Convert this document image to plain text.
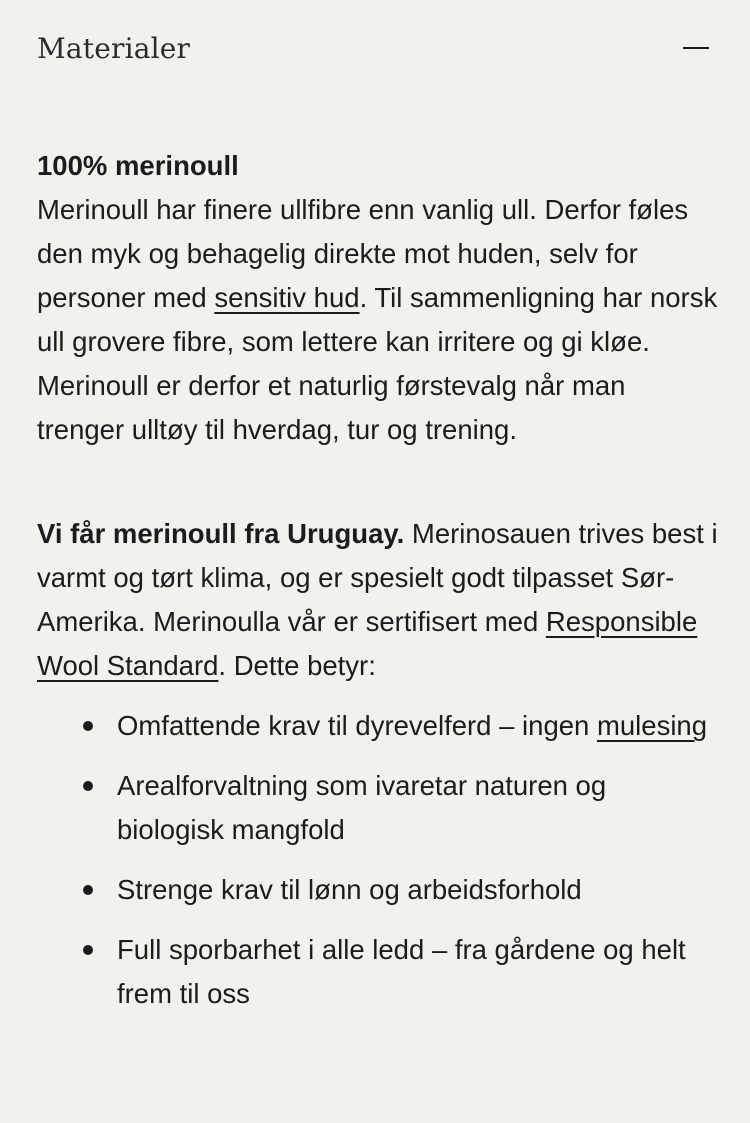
Materialer

100% merinoull
Merinoull har finere ullfibre enn vanlig ull. Derfor føles den myk og behagelig direkte mot huden, selv for personer med sensitiv hud. Til sammenligning har norsk ull grovere fibre, som lettere kan irritere og gi kløe. Merinoull er derfor et naturlig førstevalg når man trenger ulltøy til hverdag, tur og trening.

Vi får merinoull fra Uruguay. Merinosauen trives best i varmt og tørt klima, og er spesielt godt tilpasset Sør-Amerika. Merinoulla vår er sertifisert med Responsible Wool Standard. Dette betyr:

Omfattende krav til dyrevelferd – ingen mulesing
Arealforvaltning som ivaretar naturen og biologisk mangfold
Strenge krav til lønn og arbeidsforhold
Full sporbarhet i alle ledd – fra gårdene og helt frem til oss
